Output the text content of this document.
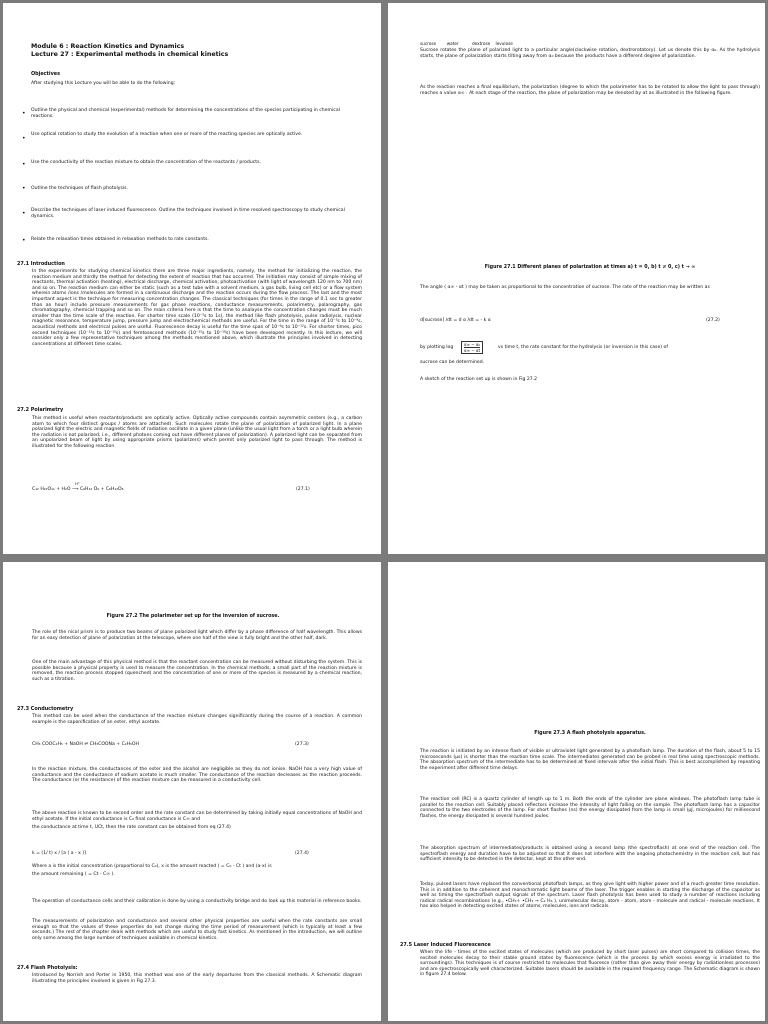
Module 6 : Reaction Kinetics and Dynamics
Lecture 27 : Experimental methods in chemical kinetics
Objectives
After studying this Lecture you will be able to do the following:
• Outline the physical and chemical (experimental) methods for determining the concentrations of the species participating in chemical reactions.
•
Use optical rotation to study the evolution of a reaction when one or more of the reacting species are optically active.
• Use the conductivity of the reaction mixture to obtain the concentration of the reactants / products.
• Outline the techniques of flash photolysis.
• Describe the techniques of laser induced fluorescence. Outline the techniques involved in time resolved spectroscopy to study chemical dynamics.
• Relate the relaxation times obtained in relaxation methods to rate constants.
27.1 Introduction
In the experiments for studying chemical kinetics there are three major ingredients, namely, the method for initializing the reaction, the reaction medium and thirdly the method for detecting the extent of reaction that has occurred. The initiation may consist of simple mixing of reactants, thermal activation (heating), electrical discharge, chemical activation, photoactivation (with light of wavelength 120 nm to 700 nm) and so on. The reaction medium can either be static (such as a test tube with a solvent medium, a gas bulb, living cell etc) or a flow system wherein atoms /ions /molecules are formed in a continuous discharge and the reaction occurs during the flow process. The last and the most important aspect is the technique for measuring concentration changes. The classical techniques (for times in the range of 0.1 sec to greater than an hour) include pressure measurements for gas phase reactions, conductance measurements, polarimetry, polarography, gas chromatography, chemical trapping and so on. The main criteria here is that the time to analayse the concentration changes must be much smaller than the time scale of the reaction. For shorter time scale (10⁻⁵s to 1s), the method like flash photolysis, pulse radiolysis, nuclear magnetic resonance, temperature jump, pressure jump and electrochemical methods are useful. For the time in the range of 10⁻⁵s to 10⁻⁹s, acoustical methods and electrical pulses are useful. Fluorescence decay is useful for the time span of 10⁻⁶s to 10⁻¹²s. For shorter times, pico second techniques (10⁻¹²s to 10⁻¹⁵s) and femtosecond methods (10⁻¹⁵s to 10⁻¹⁸s) have been developed recently. In this lecture, we will consider only a few representative techniques among the methods mentioned above, which illustrate the principles involved in detecting concentrations at different time scales.
27.2 Polarimetry
This method is useful when reactants/products are optically active. Optically active compounds contain asymmetric centers (e.g., a carbon atom to which four distinct groups / atoms are attached). Such molecules rotate the plane of polarization of polarized light. In a plane polarized light the electric and magnetic fields of radiation oscillate in a given plane (unlike the usual light from a torch or a light bulb wherein the radiation is not polarized, i.e., different photons coming out have different planes of polarization). A polarized light can be separated from an unpolarized beam of light by using appropriate prisms (polarizers) which permit only polarized light to pass through. The method is illustrated for the following reaction
H⁺
C₁₂ H₂₂O₁₁ + H₂O ⟶ C₆H₁₂ O₆ + C₆H₁₂O₆	(27.1)
sucrose        water          dextrose    levulose
Sucrose rotates the plane of polarized light to a particular angle(clockwise rotation, dextrorotatory). Let us denote this by α₀. As the hydrolysis starts, the plane of polarization starts tilting away from α₀ because the products have a different degree of polarization.
As the reaction reaches a final equilibrium, the polarization (degree to which the polarimeter has to be rotated to allow the light to pass through) reaches a value α∞ . At each stage of the reaction, the plane of polarization may be denoted by αt as illustrated in the following figure.
Figure 27.1 Different planes of polarization at times a) t = 0, b) t ≠ 0, c) t → ∞
The angle ( α∞ - αt ) may be taken as proportional to the concentration of sucrose. The rate of the reaction may be written as
d[sucrose] /dt = d α /dt = - k α	(27.2)
by plotting $\log \frac{\text{α∞ − α₀}}{\alpha\infty - \alpha t}$	vs time t, the rate constant for the hydrolysis (or inversion in this case) of
sucrose can be determined.
A sketch of the reaction set up is shown in Fig 27.2
Figure 27.2 The polarimeter set up for the inversion of sucrose.
The role of the nicol prism is to produce two beams of plane polarized light which differ by a phase difference of half wavelength. This allows for an easy detection of plane of polarization at the telescope, where one half of the view is fully bright and the other half, dark.
One of the main advantage of this physical method is that the reactant concentration can be measured without disturbing the system. This is possible because a physical property is used to measure the concentration. In the chemical methods, a small part of the reaction mixture is removed, the reaction process stopped (quenched) and the concentration of one or more of the species is measured by a chemical reaction, such as a titration.
27.3 Conductometry
This method can be used when the conductance of the reaction mixture changes significantly during the course of a reaction. A common example is the saponification of an ester, ethyl acetate.
CH₃ COOC₂H₅ + NaOH ⇌ CH₃COONa + C₂H₅OH	(27.3)
In the reaction mixture, the conductances of the ester and the alcohol are negligible as they do not ionise. NaOH has a very high value of conductance and the conductance of sodium acetate is much smaller. The conductance of the reaction decreases as the reaction proceeds. The conductance (or the resistance) of the reaction mixture can be measured in a conductivity cell.
The above reaction is known to be second order and the rate constant can be determined by taking initially equal concentrations of NaOH and ethyl acetate. If the initial conductance is C₀ final conductance is C∞ and
the conductance at time t, UCt, then the rate constant can be obtained from eq (27.4)
k = (1/ t) x / [a ( a - x )]	(27.4)
Where a is the initial concentration (proportional to C₀), x is the amount reacted ( = C₀ - Ct ) and (a-x) is
the amount remaining ( = Ct - C∞ ).
The operation of conductance cells and their calibration is done by using a conductivity bridge and do look up this material in reference books.
The measurements of polarization and conductance and several other physical properties are useful when the rate constants are small enough so that the values of these properties do not change during the time period of measurement (which is typically at least a few seconds.) The rest of the chapter deals with methods which are useful to study fast kinetics. As mentioned in the introduction, we will outline only some among the large number of techniques available in chemical kinetics.
27.4 Flash Photolysis:
Introduced by Norrish and Porter in 1950, this method was one of the early departures from the classical methods. A Schematic diagram illustrating the principles involved is given in Fig 27.3.
Figure 27.3 A flash photolysis apparatus.
The reaction is initiated by an intense flash of visible or ultraviolet light generated by a photoflash lamp. The duration of the flash, about 5 to 15 microseconds (μs) is shorter than the reaction time scale. The intermediates generated can be probed in real time using spectroscopic methods. The absorption spectrum of the intermediate has to be determined at fixed intervals after the initial flash. This is best accomplished by repeating the experiment after different time delays.
The reaction cell (RC) is a quartz cylinder of length up to 1 m. Both the ends of the cylinder are plane windows. The photoflash lamp tube is parallel to the reaction cell. Suitably placed reflectors increase the intensity of light falling on the sample. The photoflash lamp has a capacitor connected to the two electrodes of the lamp. For short flashes (ns) the energy dissipated from the lamp is small (μJ, microjoules) for millisecond flashes, the energy dissipated is several hundred joules.
The absorption spectrum of intermediates/products is obtained using a second lamp (the spectroflash) at one end of the reaction cell. The spectroflash energy and duration have to be adjusted so that it does not interfere with the ongoing photochemistry in the reaction cell, but has sufficient intensity to be detected in the detector, kept at the other end.
Today, pulsed lasers have replaced the conventional photoflash lamps, as they give light with higher power and of a much greater time resolution. This is in addition to the coherent and monochromatic light beams of the laser. The trigger enables in starting the discharge of the capacitor as well as timing the spectroflash output signals of the spectrum. Laser flash photolysis has been used to study a number of reactions including radical radical recombinations (e.g., •CH₃+ •CH₃ → C₂ H₆ ), unimolecular decay, atom - atom, atom - molecule and radical - molecule reactions. It has also helped in detecting excited states of atoms, molecules, ions and radicals.
27.5 Laser Induced Fluorescence
When the life - times of the excited states of molecules (which are produced by short laser pulses) are short compared to collision times, the excited molecules decay to their stable ground states by fluorescence (which is the process by which excess energy is irradiated to the surroundings). This techniques is of course restricted to molecules that fluoresce (rather than give away their energy by radiationless processes) and are spectroscopically well characterized. Suitable lasers should be available in the required frequency range. The Schematic diagram is shown in figure 27.4 below.
